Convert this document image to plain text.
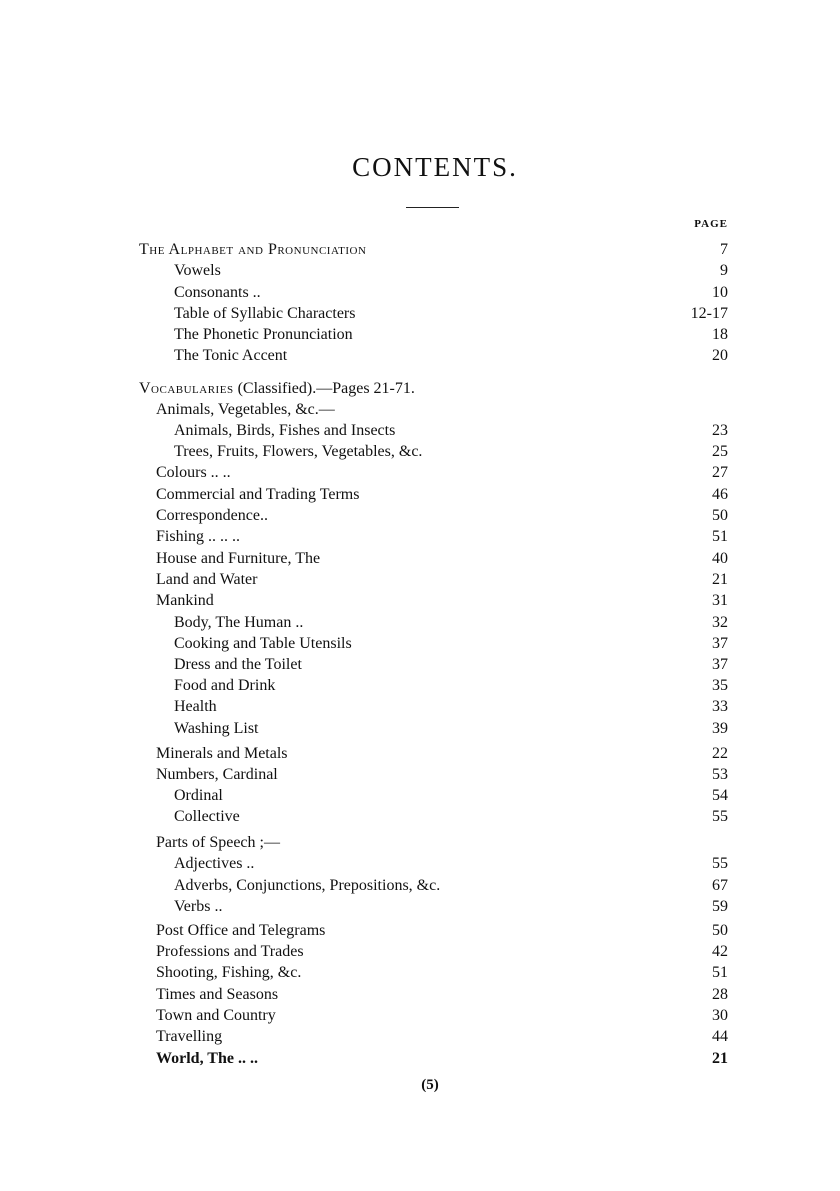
CONTENTS.
PAGE
The Alphabet and Pronunciation	7
Vowels	9
Consonants ..	10
Table of Syllabic Characters	12-17
The Phonetic Pronunciation	18
The Tonic Accent	20
Vocabularies (Classified).—Pages 21-71.
Animals, Vegetables, &c.—
Animals, Birds, Fishes and Insects	23
Trees, Fruits, Flowers, Vegetables, &c.	25
Colours .. ..	27
Commercial and Trading Terms	46
Correspondence..	50
Fishing .. .. ..	51
House and Furniture, The	40
Land and Water	21
Mankind	31
Body, The Human ..	32
Cooking and Table Utensils	37
Dress and the Toilet	37
Food and Drink	35
Health	33
Washing List	39
Minerals and Metals	22
Numbers, Cardinal	53
Ordinal	54
Collective	55
Parts of Speech ;—
Adjectives ..	55
Adverbs, Conjunctions, Prepositions, &c.	67
Verbs ..	59
Post Office and Telegrams	50
Professions and Trades	42
Shooting, Fishing, &c.	51
Times and Seasons	28
Town and Country	30
Travelling	44
World, The .. ..	21
(5)
